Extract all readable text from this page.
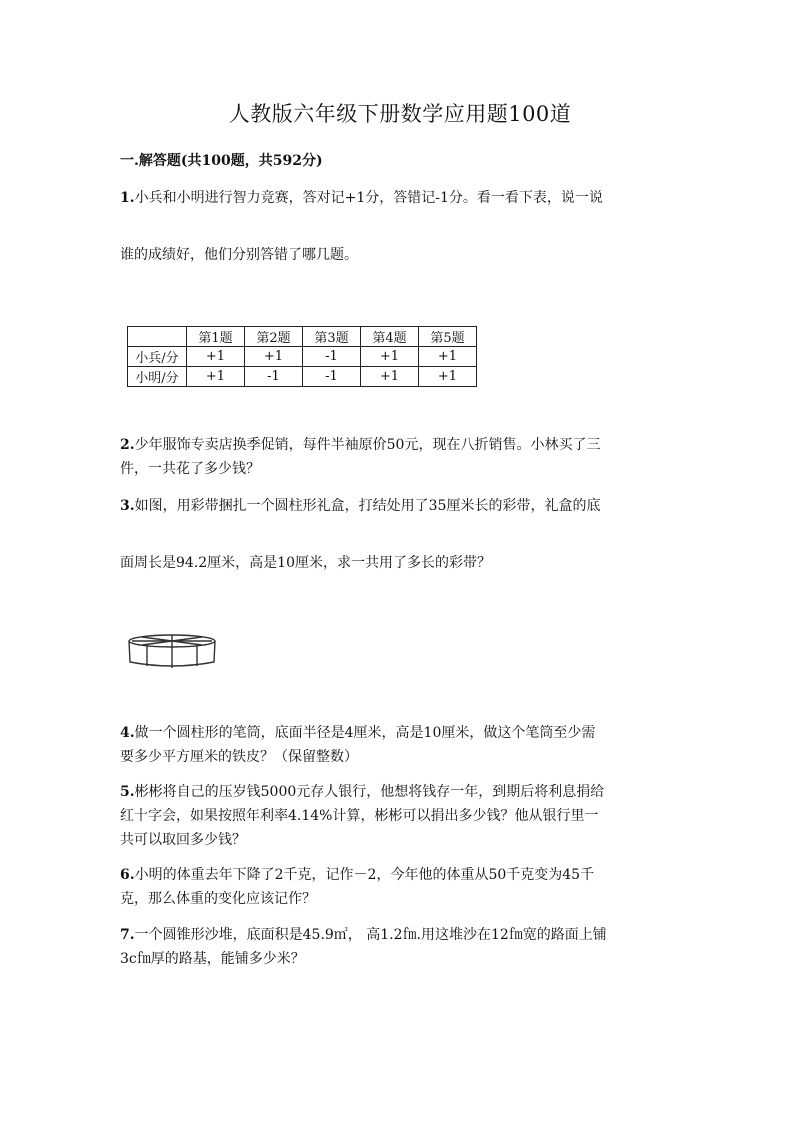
人教版六年级下册数学应用题100道
一.解答题(共100题，共592分)
1.小兵和小明进行智力竞赛，答对记+1分，答错记-1分。看一看下表，说一说
谁的成绩好，他们分别答错了哪几题。
	第1题	第2题	第3题	第4题	第5题
小兵/分	+1	+1	-1	+1	+1
小明/分	+1	-1	-1	+1	+1
2.少年服饰专卖店换季促销，每件半袖原价50元，现在八折销售。小林买了三
件，一共花了多少钱？
3.如图，用彩带捆扎一个圆柱形礼盒，打结处用了35厘米长的彩带，礼盒的底
面周长是94.2厘米，高是10厘米，求一共用了多长的彩带？
4.做一个圆柱形的笔筒，底面半径是4厘米，高是10厘米，做这个笔筒至少需
要多少平方厘米的铁皮？（保留整数）
5.彬彬将自己的压岁钱5000元存人银行，他想将钱存一年，到期后将利息捐给
红十字会，如果按照年利率4.14%计算，彬彬可以捐出多少钱？他从银行里一
共可以取回多少钱？
6.小明的体重去年下降了2千克，记作－2，今年他的体重从50千克变为45千
克，那么体重的变化应该记作？
7.一个圆锥形沙堆，底面积是45.9㎡， 高1.2㎙.用这堆沙在12㎙宽的路面上铺
3c㎙厚的路基，能铺多少米？
